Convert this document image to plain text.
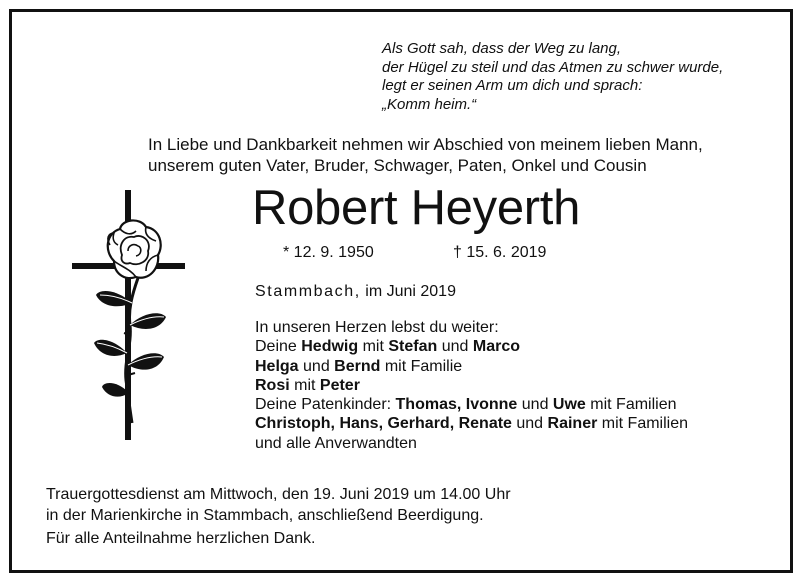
Als Gott sah, dass der Weg zu lang,
der Hügel zu steil und das Atmen zu schwer wurde,
legt er seinen Arm um dich und sprach:
„Komm heim.“
In Liebe und Dankbarkeit nehmen wir Abschied von meinem lieben Mann,
unserem guten Vater, Bruder, Schwager, Paten, Onkel und Cousin
Robert Heyerth
* 12. 9. 1950	† 15. 6. 2019
Stammbach, im Juni 2019
In unseren Herzen lebst du weiter:
Deine Hedwig mit Stefan und Marco
Helga und Bernd mit Familie
Rosi mit Peter
Deine Patenkinder: Thomas, Ivonne und Uwe mit Familien
Christoph, Hans, Gerhard, Renate und Rainer mit Familien
und alle Anverwandten
Trauergottesdienst am Mittwoch, den 19. Juni 2019 um 14.00 Uhr
in der Marienkirche in Stammbach, anschließend Beerdigung.
Für alle Anteilnahme herzlichen Dank.
